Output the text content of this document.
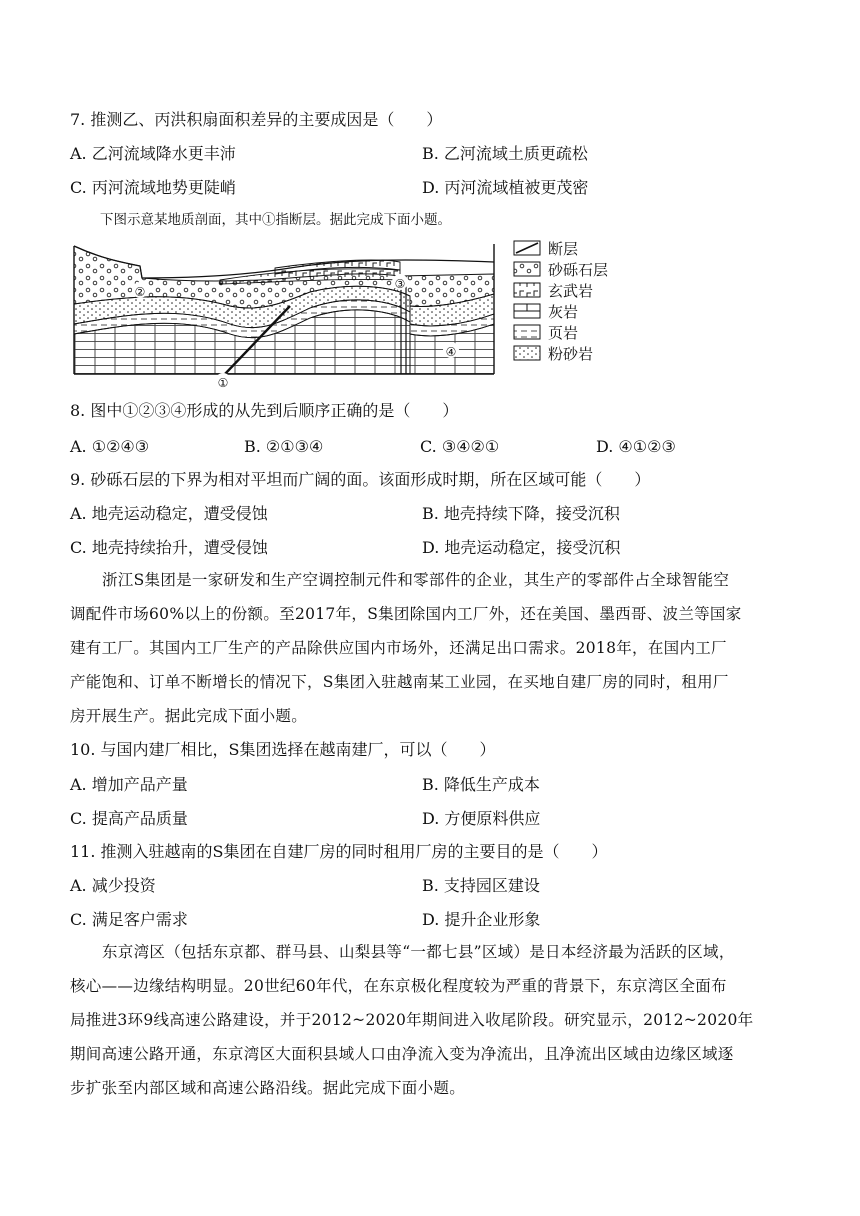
7. 推测乙、丙洪积扇面积差异的主要成因是（　　）
A. 乙河流域降水更丰沛	B. 乙河流域土质更疏松
C. 丙河流域地势更陡峭	D. 丙河流域植被更茂密
下图示意某地质剖面，其中①指断层。据此完成下面小题。
②
③
④
①
断层
砂砾石层
玄武岩
灰岩
页岩
粉砂岩
8. 图中①②③④形成的从先到后顺序正确的是（　　）
A. ①②④③	B. ②①③④	C. ③④②①	D. ④①②③
9. 砂砾石层的下界为相对平坦而广阔的面。该面形成时期，所在区域可能（　　）
A. 地壳运动稳定，遭受侵蚀	B. 地壳持续下降，接受沉积
C. 地壳持续抬升，遭受侵蚀	D. 地壳运动稳定，接受沉积
浙江S集团是一家研发和生产空调控制元件和零部件的企业，其生产的零部件占全球智能空
调配件市场60%以上的份额。至2017年，S集团除国内工厂外，还在美国、墨西哥、波兰等国家
建有工厂。其国内工厂生产的产品除供应国内市场外，还满足出口需求。2018年，在国内工厂
产能饱和、订单不断增长的情况下，S集团入驻越南某工业园，在买地自建厂房的同时，租用厂
房开展生产。据此完成下面小题。
10. 与国内建厂相比，S集团选择在越南建厂，可以（　　）
A. 增加产品产量	B. 降低生产成本
C. 提高产品质量	D. 方便原料供应
11. 推测入驻越南的S集团在自建厂房的同时租用厂房的主要目的是（　　）
A. 减少投资	B. 支持园区建设
C. 满足客户需求	D. 提升企业形象
东京湾区（包括东京都、群马县、山梨县等“一都七县”区域）是日本经济最为活跃的区域，
核心——边缘结构明显。20世纪60年代，在东京极化程度较为严重的背景下，东京湾区全面布
局推进3环9线高速公路建设，并于2012~2020年期间进入收尾阶段。研究显示，2012~2020年
期间高速公路开通，东京湾区大面积县域人口由净流入变为净流出，且净流出区域由边缘区域逐
步扩张至内部区域和高速公路沿线。据此完成下面小题。
